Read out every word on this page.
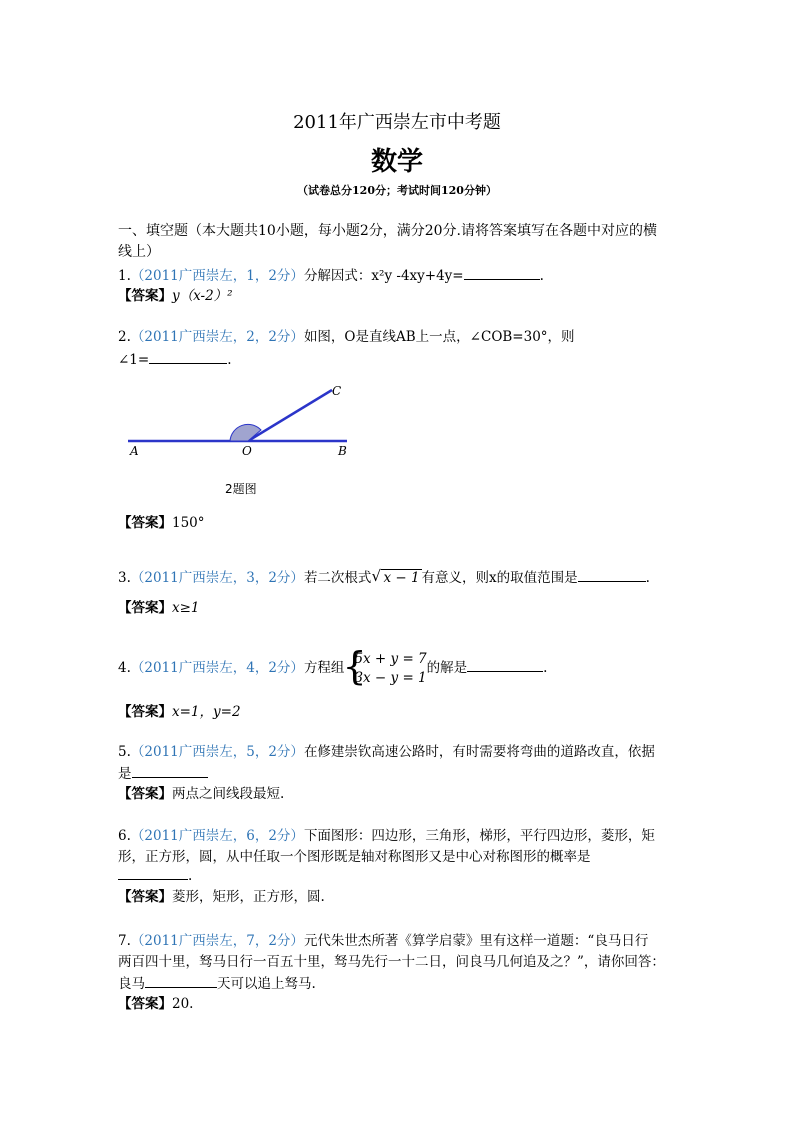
2011年广西崇左市中考题
数学
（试卷总分120分；考试时间120分钟）
一、填空题（本大题共10小题，每小题2分，满分20分.请将答案填写在各题中对应的横
线上）
1.（2011广西崇左，1，2分）分解因式：x²y -4xy+4y=	.
【答案】y（x-2）²
2.（2011广西崇左，2，2分）如图，O是直线AB上一点，∠COB=30°，则
∠1=	.
A	O	B
C
2题图
【答案】150°
3.（2011广西崇左，3，2分）若二次根式 √ x − 1 有意义，则x的取值范围是	.
【答案】x≥1
4.（2011广西崇左，4，2分）方程组
{
5x + y = 7
3x − y = 1
的解是	.
【答案】x=1，y=2
5.（2011广西崇左，5，2分）在修建崇钦高速公路时，有时需要将弯曲的道路改直，依据
是
【答案】两点之间线段最短.
6.（2011广西崇左，6，2分）下面图形：四边形，三角形，梯形，平行四边形，菱形，矩
形，正方形，圆，从中任取一个图形既是轴对称图形又是中心对称图形的概率是
.
【答案】菱形，矩形，正方形，圆.
7.（2011广西崇左，7，2分）元代朱世杰所著《算学启蒙》里有这样一道题：“良马日行
两百四十里，驽马日行一百五十里，驽马先行一十二日，问良马几何追及之？”，请你回答：
良马	天可以追上驽马.
【答案】20.
